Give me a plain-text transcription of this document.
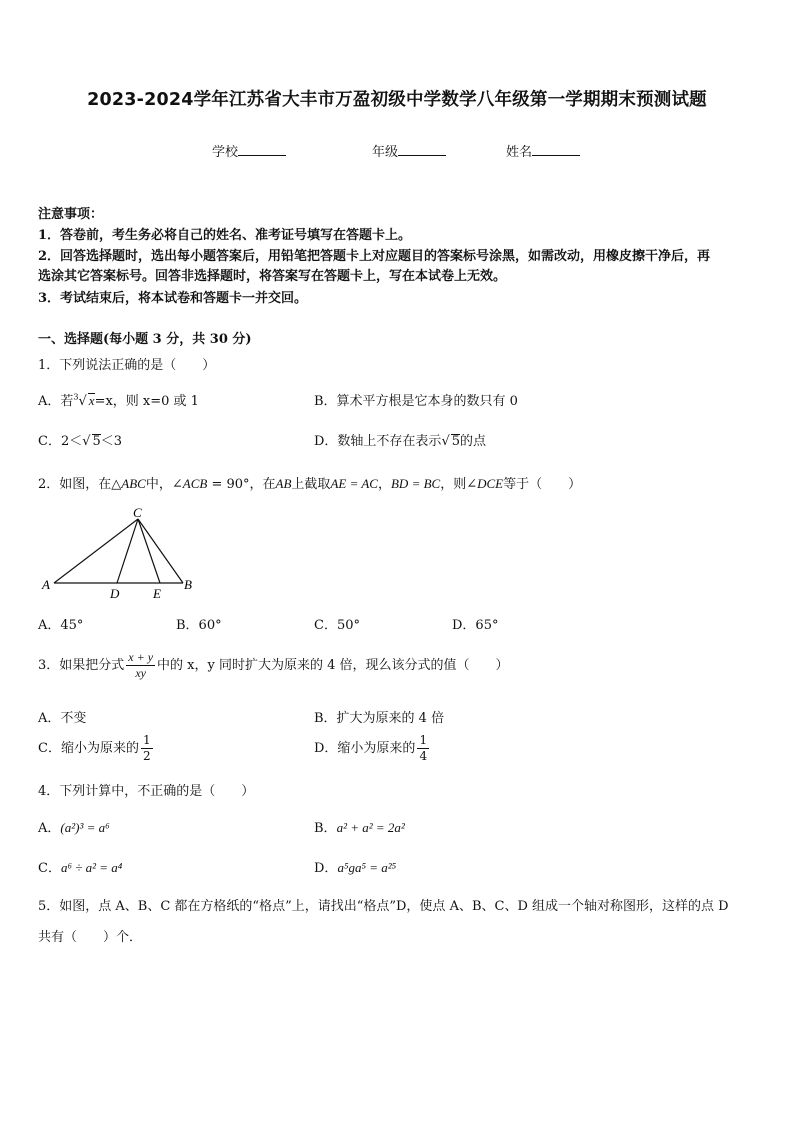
2023-2024学年江苏省大丰市万盈初级中学数学八年级第一学期期末预测试题
学校	年级	姓名
注意事项：
1．答卷前，考生务必将自己的姓名、准考证号填写在答题卡上。
2．回答选择题时，选出每小题答案后，用铅笔把答题卡上对应题目的答案标号涂黑，如需改动，用橡皮擦干净后，再
选涂其它答案标号。回答非选择题时，将答案写在答题卡上，写在本试卷上无效。
3．考试结束后，将本试卷和答题卡一并交回。
一、选择题(每小题 3 分，共 30 分)
1．下列说法正确的是（　　）
A．若$^3$√ x=x，则 x=0 或 1	B．算术平方根是它本身的数只有 0
C．2＜√ 5＜3	D．数轴上不存在表示√ 5的点
2．如图，在△ABC中，∠ACB = 90°，在AB上截取AE = AC，BD = BC，则∠DCE等于（　　）
A	B
C
D	E
A．45°	B．60°	C．50°	D．65°
3．如果把分式 $\frac{x + y}{xy}$ 中的 x，y 同时扩大为原来的 4 倍，现么该分式的值（　　）
A．不变	B．扩大为原来的 4 倍
C．缩小为原来的 $\frac{1}{2}$	D．缩小为原来的 $\frac{1}{4}$
4．下列计算中，不正确的是（　　）
A．(a²)³ = a⁶	B．a² + a² = 2a²
C．a⁶ ÷ a² = a⁴	D．a⁵ga⁵ = a²⁵
5．如图，点 A、B、C 都在方格纸的“格点”上，请找出“格点”D，使点 A、B、C、D 组成一个轴对称图形，这样的点 D
共有（　　）个．
